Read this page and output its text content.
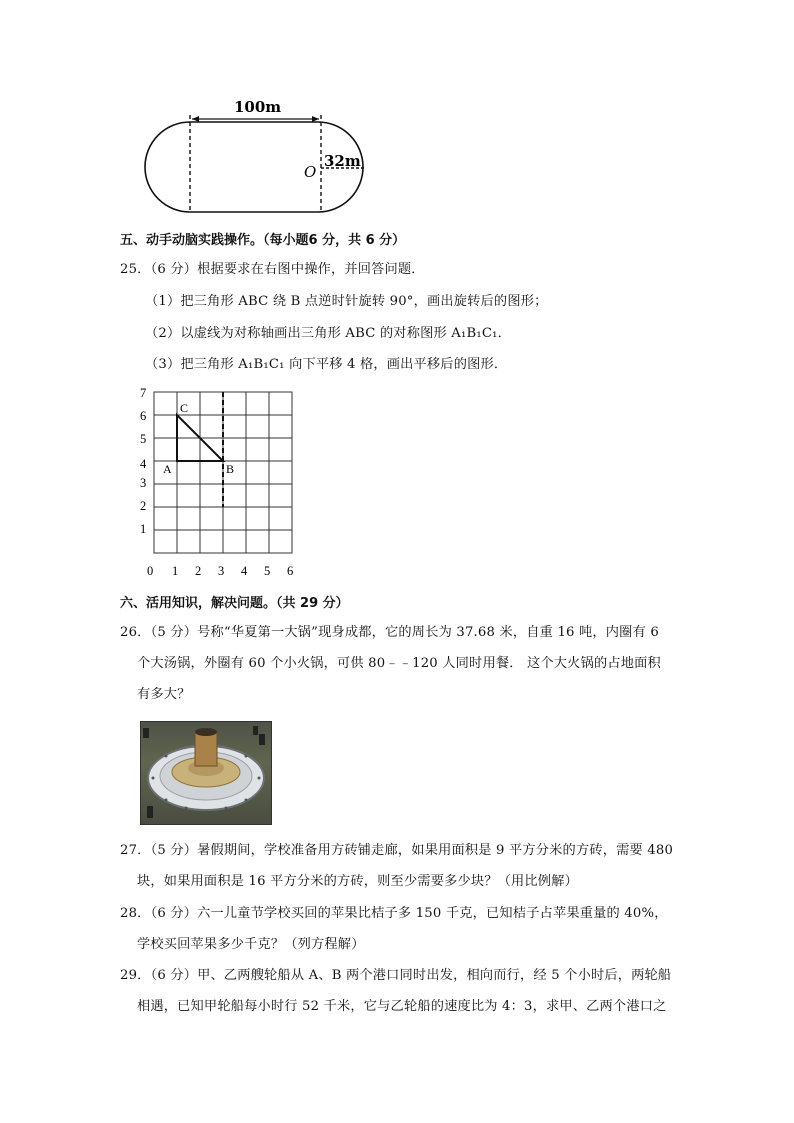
100m
32m
O
五、动手动脑实践操作。（每小题6 分，共 6 分）
25．（6 分）根据要求在右图中操作，并回答问题．
（1）把三角形 ABC 绕 B 点逆时针旋转 90°，画出旋转后的图形；
（2）以虚线为对称轴画出三角形 ABC 的对称图形 A₁B₁C₁．
（3）把三角形 A₁B₁C₁ 向下平移 4 格，画出平移后的图形．
C
A	B
7
6
5
4
3
2
1
0 1 2 3 4 5 6
六、活用知识，解决问题。（共 29 分）
26．（5 分）号称“华夏第一大锅”现身成都，它的周长为 37.68 米，自重 16 吨，内圈有 6
个大汤锅，外圈有 60 个小火锅，可供 80﹣﹣120 人同时用餐． 这个大火锅的占地面积
有多大？
27．（5 分）暑假期间，学校准备用方砖铺走廊，如果用面积是 9 平方分米的方砖，需要 480
块，如果用面积是 16 平方分米的方砖，则至少需要多少块？（用比例解）
28．（6 分）六一儿童节学校买回的苹果比桔子多 150 千克，已知桔子占苹果重量的 40%，
学校买回苹果多少千克？（列方程解）
29．（6 分）甲、乙两艘轮船从 A、B 两个港口同时出发，相向而行，经 5 个小时后，两轮船
相遇，已知甲轮船每小时行 52 千米，它与乙轮船的速度比为 4：3，求甲、乙两个港口之
